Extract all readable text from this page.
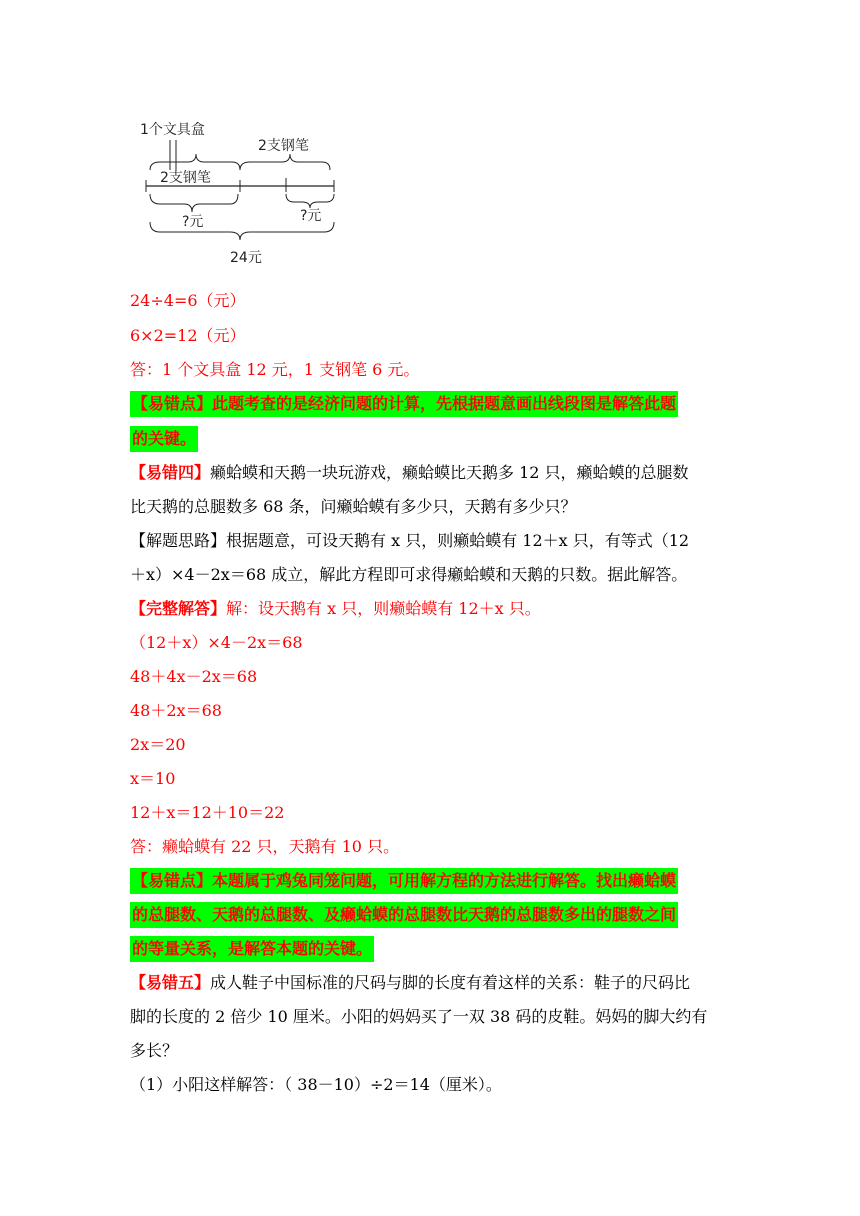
1个文具盒
2支钢笔
2支钢笔
?元	?元
24元
24÷4=6（元）
6×2=12（元）
答：1 个文具盒 12 元，1 支钢笔 6 元。
【易错点】此题考查的是经济问题的计算，先根据题意画出线段图是解答此题
的关键。
【易错四】癞蛤蟆和天鹅一块玩游戏，癞蛤蟆比天鹅多 12 只，癞蛤蟆的总腿数
比天鹅的总腿数多 68 条，问癞蛤蟆有多少只，天鹅有多少只？
【解题思路】根据题意，可设天鹅有 x 只，则癞蛤蟆有 12＋x 只，有等式（12
＋x）×4－2x＝68 成立，解此方程即可求得癞蛤蟆和天鹅的只数。据此解答。
【完整解答】解：设天鹅有 x 只，则癞蛤蟆有 12＋x 只。
（12＋x）×4－2x＝68
48＋4x－2x＝68
48＋2x＝68
2x＝20
x＝10
12＋x＝12＋10＝22
答：癞蛤蟆有 22 只，天鹅有 10 只。
【易错点】本题属于鸡兔同笼问题，可用解方程的方法进行解答。找出癞蛤蟆
的总腿数、天鹅的总腿数、及癞蛤蟆的总腿数比天鹅的总腿数多出的腿数之间
的等量关系，是解答本题的关键。
【易错五】成人鞋子中国标准的尺码与脚的长度有着这样的关系：鞋子的尺码比
脚的长度的 2 倍少 10 厘米。小阳的妈妈买了一双 38 码的皮鞋。妈妈的脚大约有
多长？
（1）小阳这样解答：（ 38－10）÷2＝14（厘米）。
